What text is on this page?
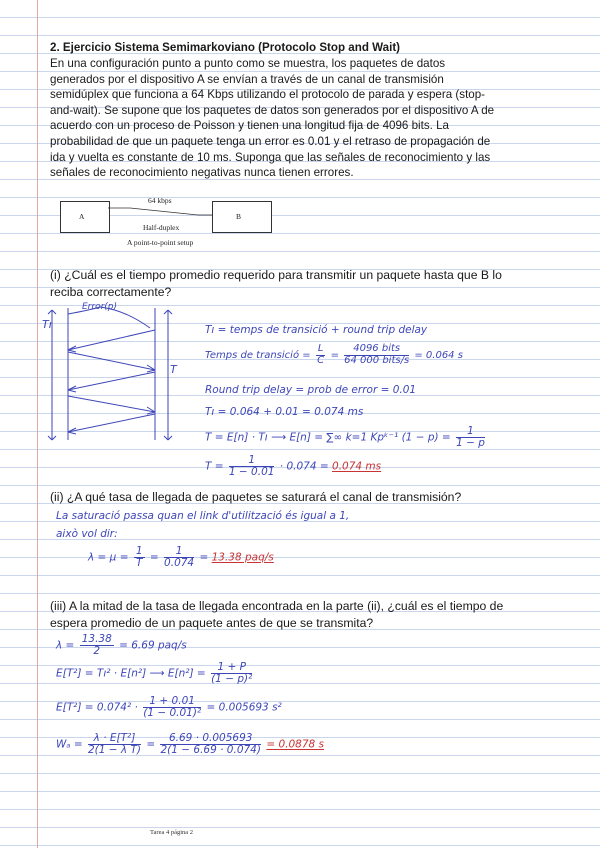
2. Ejercicio Sistema Semimarkoviano (Protocolo Stop and Wait)
En una configuración punto a punto como se muestra, los paquetes de datos
generados por el dispositivo A se envían a través de un canal de transmisión
semidúplex que funciona a 64 Kbps utilizando el protocolo de parada y espera (stop-
and-wait). Se supone que los paquetes de datos son generados por el dispositivo A de
acuerdo con un proceso de Poisson y tienen una longitud fija de 4096 bits. La
probabilidad de que un paquete tenga un error es 0.01 y el retraso de propagación de
ida y vuelta es constante de 10 ms. Suponga que las señales de reconocimiento y las
señales de reconocimiento negativas nunca tienen errores.
A	B
64 kbps
Half-duplex
A point-to-point setup
(i) ¿Cuál es el tiempo promedio requerido para transmitir un paquete hasta que B lo
reciba correctamente?
Tı
Error(p)
T
Tı = temps de transició + round trip delay
Temps de transició = $\frac{L}{C} = \frac{\text{4096 bits}}{\text{64 000 bits/s}} = 0.064$ s
Round trip delay = prob de error = 0.01
Tı = 0.064 + 0.01 = 0.074 ms
T = E[n] · Tı ⟶ E[n] = ∑∞ k=1 Kpᵏ⁻¹ $(1 - p) = \frac{1}{1 - p}$
$T = \frac{1}{1 - 0.01} \cdot 0.074 = 0.074$ ms
(ii) ¿A qué tasa de llegada de paquetes se saturará el canal de transmisión?
La saturació passa quan el link d'utilització és igual a 1,
això vol dir:
$\lambda = \mu = \frac{1}{T} = \frac{1}{0.074} = 13.38$ paq/s
(iii) A la mitad de la tasa de llegada encontrada en la parte (ii), ¿cuál es el tiempo de
espera promedio de un paquete antes de que se transmita?
$\lambda = \frac{13.38}{2} = 6.69$ paq/s
E[T²] = Tı² · E[n²] ⟶ $E[n^2] = \frac{1 + P}{\text{(1 − p)²}}$
$E[T^2] = 0.074^2 \cdot \frac{1 + 0.01}{\text{(1 − 0.01)²}} = 0.005693$ s²
$W_a = \frac{\text{λ · E[T²]}}{\text{2(1 − λ T)}} = \frac{6.69 \cdot 0.005693}{2(1 - 6.69 \cdot 0.074)} = 0.0878$ s
Tarea 4 página 2
